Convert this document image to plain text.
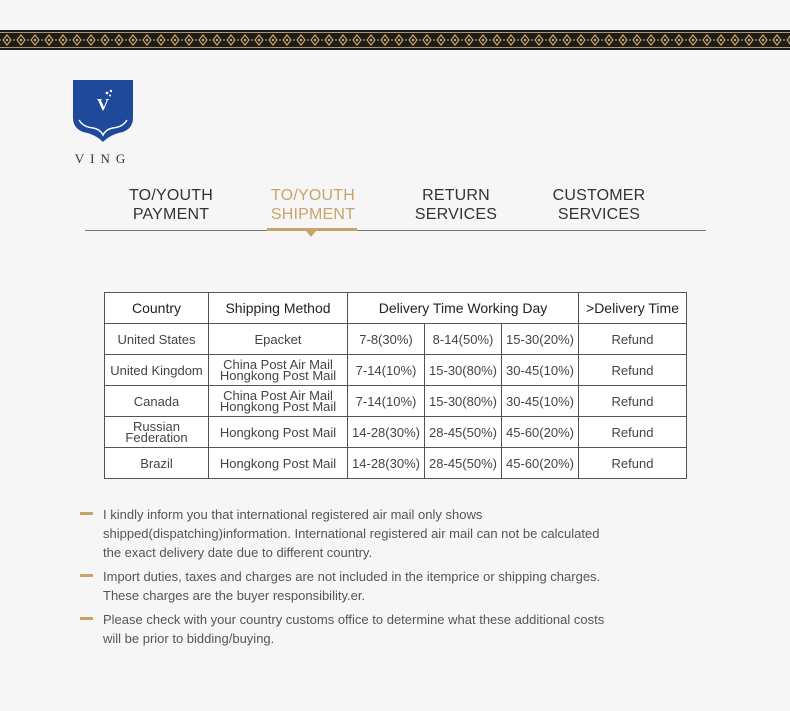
V
VING
TO/YOUTH
PAYMENT
TO/YOUTH
SHIPMENT
RETURN
SERVICES
CUSTOMER
SERVICES
Country	Shipping Method	Delivery Time Working Day			>Delivery Time
United States	Epacket	7-8(30%)	8-14(50%)	15-30(20%)	Refund
United Kingdom	China Post Air Mail
Hongkong Post Mail	7-14(10%)	15-30(80%)	30-45(10%)	Refund
Canada	China Post Air Mail
Hongkong Post Mail	7-14(10%)	15-30(80%)	30-45(10%)	Refund

Russian
Federation	Hongkong Post Mail	14-28(30%)	28-45(50%)	45-60(20%)	Refund
Brazil	Hongkong Post Mail	14-28(30%)	28-45(50%)	45-60(20%)	Refund

I kindly inform you that international registered air mail only shows

shipped(dispatching)information. International registered air mail can not be calculated

the exact delivery date due to different country.

Import duties, taxes and charges are not included in the itemprice or shipping charges.

These charges are the buyer responsibility.er.

Please check with your country customs office to determine what these additional costs

will be prior to bidding/buying.
